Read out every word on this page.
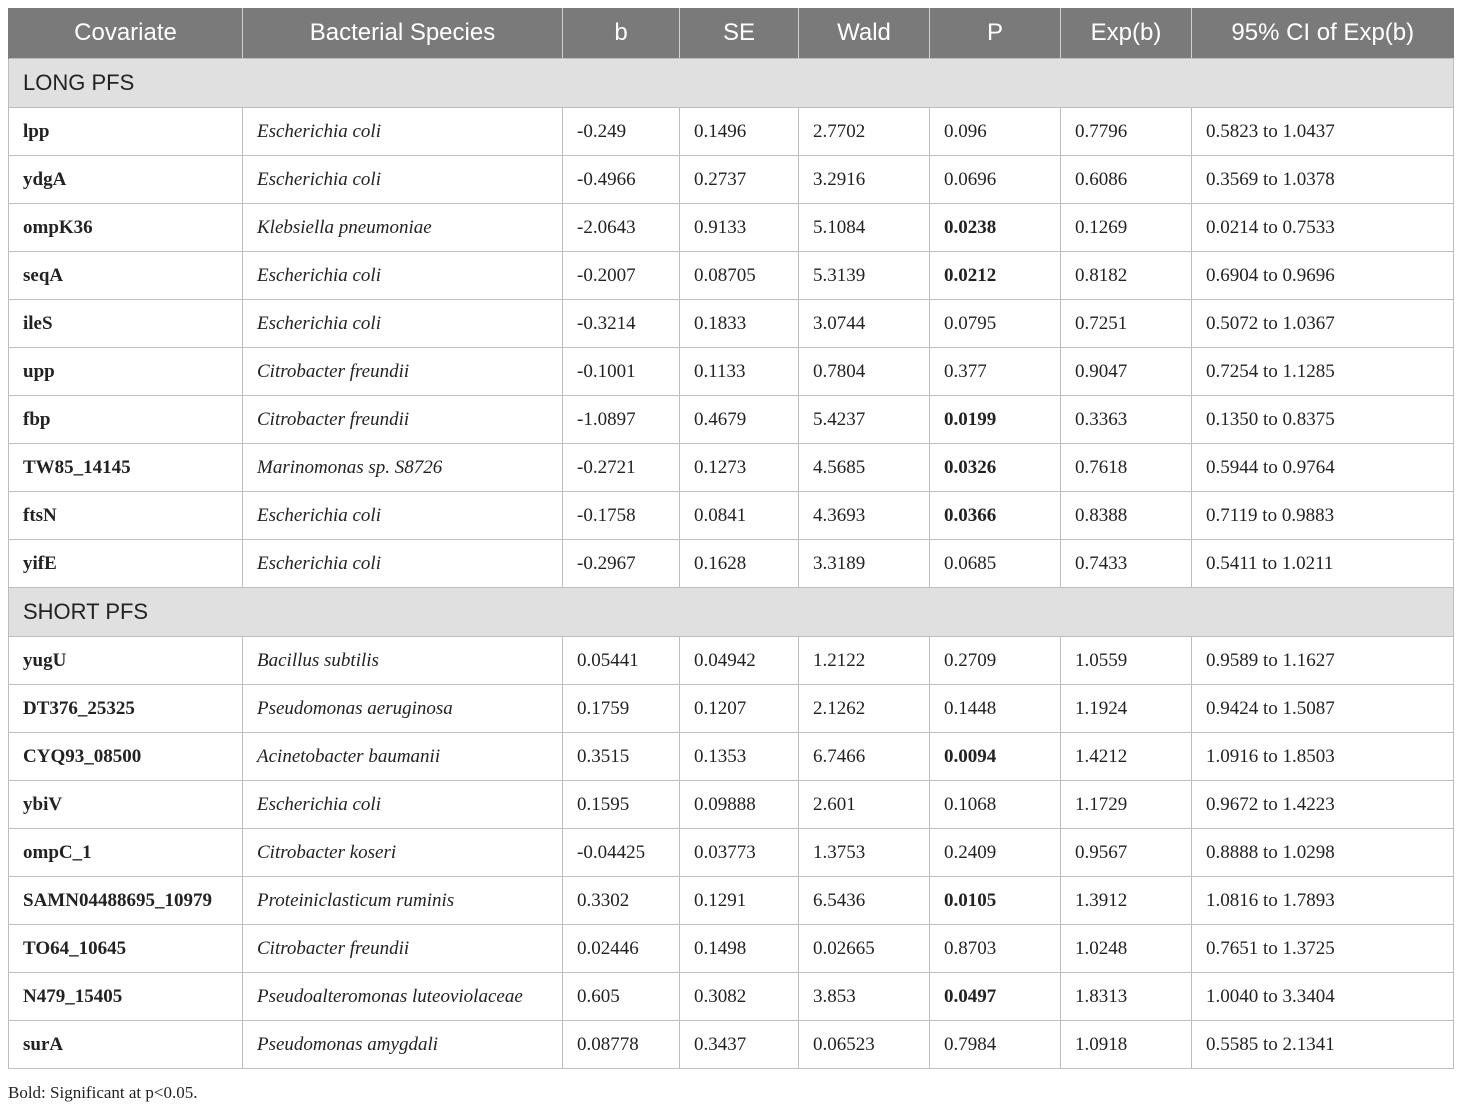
Covariate	Bacterial Species	b	SE	Wald	P	Exp(b)	95% CI of Exp(b)
LONG PFS							
lpp	Escherichia coli	-0.249	0.1496	2.7702	0.096	0.7796	0.5823 to 1.0437
ydgA	Escherichia coli	-0.4966	0.2737	3.2916	0.0696	0.6086	0.3569 to 1.0378
ompK36	Klebsiella pneumoniae	-2.0643	0.9133	5.1084	0.0238	0.1269	0.0214 to 0.7533
seqA	Escherichia coli	-0.2007	0.08705	5.3139	0.0212	0.8182	0.6904 to 0.9696
ileS	Escherichia coli	-0.3214	0.1833	3.0744	0.0795	0.7251	0.5072 to 1.0367
upp	Citrobacter freundii	-0.1001	0.1133	0.7804	0.377	0.9047	0.7254 to 1.1285
fbp	Citrobacter freundii	-1.0897	0.4679	5.4237	0.0199	0.3363	0.1350 to 0.8375
TW85_14145	Marinomonas sp. S8726	-0.2721	0.1273	4.5685	0.0326	0.7618	0.5944 to 0.9764
ftsN	Escherichia coli	-0.1758	0.0841	4.3693	0.0366	0.8388	0.7119 to 0.9883
yifE	Escherichia coli	-0.2967	0.1628	3.3189	0.0685	0.7433	0.5411 to 1.0211
SHORT PFS							
yugU	Bacillus subtilis	0.05441	0.04942	1.2122	0.2709	1.0559	0.9589 to 1.1627
DT376_25325	Pseudomonas aeruginosa	0.1759	0.1207	2.1262	0.1448	1.1924	0.9424 to 1.5087
CYQ93_08500	Acinetobacter baumanii	0.3515	0.1353	6.7466	0.0094	1.4212	1.0916 to 1.8503
ybiV	Escherichia coli	0.1595	0.09888	2.601	0.1068	1.1729	0.9672 to 1.4223
ompC_1	Citrobacter koseri	-0.04425	0.03773	1.3753	0.2409	0.9567	0.8888 to 1.0298
SAMN04488695_10979	Proteiniclasticum ruminis	0.3302	0.1291	6.5436	0.0105	1.3912	1.0816 to 1.7893
TO64_10645	Citrobacter freundii	0.02446	0.1498	0.02665	0.8703	1.0248	0.7651 to 1.3725
N479_15405	Pseudoalteromonas luteoviolaceae	0.605	0.3082	3.853	0.0497	1.8313	1.0040 to 3.3404
surA	Pseudomonas amygdali	0.08778	0.3437	0.06523	0.7984	1.0918	0.5585 to 2.1341
Bold: Significant at p<0.05.
